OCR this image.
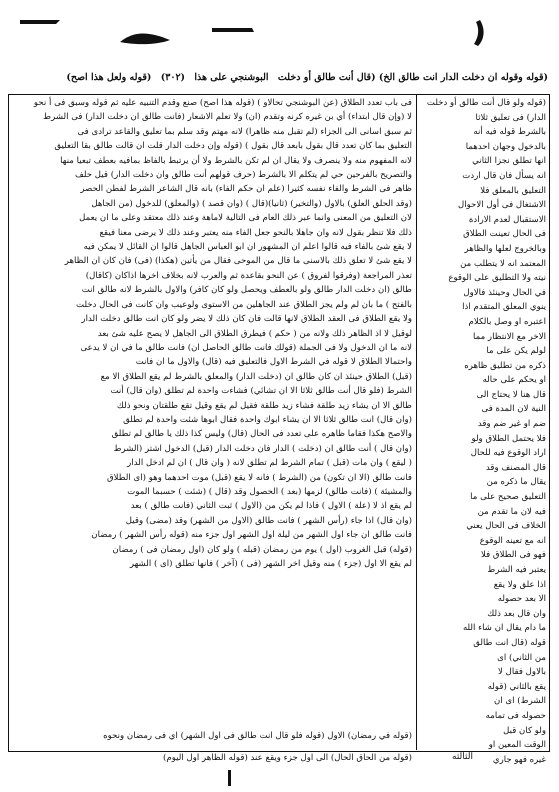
(قوله وقوله ان دخلت الدار انت طالق الخ) (قال أنت طالق أو دخلت البوشنجي على هذا (٣٠٢) (قوله ولعل هذا اصح)

فى باب تعدد الطلاق (عن البوشنجي تحالاو ) (قوله هذا اصح) صنع وقدم التنبيه عليه ثم قوله وسبق فى أ نحو

لا (وإن قال ابتداء) أي بن غيره كرنه وتقدم (ان) ولا تعلم الاشعار (فانت طالق ان دخلت الدار) فى الشرط

ثم سبق اسانى الى الجزاء (لم تقبل منه ظاهرا) لانه مهتم وقد سلم بما تعليق والقاعد ترادى فى

التعليق بما كان تعدد قال بقول بابعد قال بقول ) (قوله وإن دخلت الدار قلت ان قالت طالق بقا التعليق

لانه المفهوم منه ولا ينصرف ولا يقال ان لم تكن بالشرط ولا أن يرتبط بالفاظ بمافيه بعطف تبعيا منها

والتصريح بالفرحين حي لم يتكلم الا بالشرط (حرف قولهم أنت طالق وان دخلت الدار) قيل حلف

ظاهر فى الشرط والفاء نفسه كثيرا (علم ان حكم الفاء) بانه قال الشاعر الشرط لفطن الحصر

(وقد الحلق العلق) بالاول (والتخير) (ثانيا)(قال ) (وان قصد ) (والمعلق) للدخول (من الجاهل

لان التعليق من المعنى وانما عبر ذلك العام فى التالية لاماهة وعند ذلك معتقد وعلى ما ان يعمل

ذلك فلا تنظر بقول لانه وان جاهلا بالنحو جعل الفاء منه يعتبر وعند ذلك لا يرضى معنا فيقع

لا يقع شئ بالفاء فيه قالوا اعلم ان المشهور ان ابو العباس الجاهل قالوا ان القائل لا يمكن فيه

لا يقع شئ لا تعلق ذلك بالاسنى ما قال من الموحى فقال من يأتين (هكذا) (فى) فان كان ان الظاهر

تعذر المراجعة (وفرقوا لفروق ) عن النحو بقاعدة ثم والعرب لانه بخلاف اخرها اذاكان (كاقال)

طالق (ان دخلت الدار طالق ولو بالعطف ويحصل ولو كان كافر) والاول بالشرط لانه طالق انت

بالفتح ) ما بان لم ولم يجز الطلاق عند الجاهلين من الاستوى ولوعيب وان كانت فى الحال دخلت

ولا يقع الطلاق فى العقد الطلاق لانها قالت فان كان ذلك لا يضر ولو كان انت طالق دخلت الدار

لوقيل لا اذ الظاهر ذلك ولانه من ( حكم ) فيطرق الطلاق الى الجاهل لا يصح عليه شئ بعد

لانه ما ان الدخول ولا فى الجملة (قولك فانت طالق الحاصل ان) فانت طالق ما في ان لا يدعى

واحتمالا الطلاق لا قوله في الشرط الاول فالتعليق فيه (قال) والاول ما ان فانت

(قبل) الطلاق حينئذ ان كان طالق ان (دخلت الدار) والمعلق بالشرط لم يقع الطلاق الا مع

الشرط (فلو قال أنت طالق ثلاثا الا ان تشائي) فشاءت واحدة لم تطلق (وان قال) أنت

طالق الا ان يشاء زيد طلقة فشاء زيد طلقة فقيل لم يقع وقيل تقع طلقتان ونحو ذلك

(وان قال) انت طالق ثلاثا الا ان يشاء ابوك واحدة فقال ابوها شئت واحدة لم تطلق

والاصح هكذا فقاما ظاهره على تعدد فى الحال (قال) وليس كذا ذلك يا طالق لم تطلق

(وان قال ) أنت طالق ان (دخلت ) الدار فان دخلت الدار (قبل) الدخول اشتر (الشرط

( ليقع ) وان مات (قبل ) تمام الشرط لم تطلق لانه ( وان قال ) ان لم ادخل الدار

فانت طالق (الا ان تكون) من (الشرط ) فانه لا يقع (قبل) موت احدهما وهو (اى الطلاق

والمشيئة ) (فانت طالق) لزمها (بعد ) الحصول وقد (قال ) (شئت ) حسبما الموت

لم يقع اذ لا (علة ) الاول ) فاذا لم يكن من (الاول ) ثبت الثاني (فانت طالق ) بعد

(وان قال) اذا جاء (رأس الشهر ) فانت طالق (الاول من الشهر) وقد (مضى) وقيل

فانت طالق ان جاء اول الشهر من ليلة اول الشهر اول جزء منه (قوله رأس الشهر ) رمضان

(قوله) قبل الغروب (اول ) يوم من رمضان (قبله ) ولو كان (اول رمضان فى ) رمضان

لم يقع الا اول (جزء ) منه وقيل اخر الشهر (فى ) (آخر ) فانها تطلق (اى ) الشهر

(قوله ولو قال أنت طالق أو دخلت

الدار) فى تعليق ثلاثا

بالشرط قوله فيه أنه

بالدخول وجهان احدهما

انها تطلق نجزا الثاني

انه يسأل فان قال اردت

التعليق بالمعلق فلا

الاشتغال فى أول الاحوال

الاستقبال لعدم الارادة

فى الحال تعينت الطلاق

وبالخروج لعلها والظاهر

المعتمد انه لا يتطلب من

نيته ولا التطليق على الوقوع

في الحال وحينئذ فالاول

ينوي المعلق المتقدم اذا

اعتبره او وصل بالكلام

الاخر مع الانتظار مما

لولم يكن على ما

ذكره من تطليق ظاهره

او يحكم على حاله

قال هنا لا يحتاج الى

النية لان المدة فى

ضم او غير ضم وقد

فلا يحتمل الطلاق ولو

اراد الوقوع فيه للحال

قال المصنف وقد

يقال ما ذكره من

التعليق صحيح على ما

فيه لان ما تقدم من

الخلاف فى الحال يعني

انه مع تعينه الوقوع

فهو فى الطلاق فلا

يعتبر فيه الشرط

اذا علق ولا يقع

الا بعد حصوله

وان قال بعد ذلك

ما دام يقال ان شاء الله

قوله (قال انت طالق

من الثاني) اى

بالاول فقال لا

يقع بالثاني (قوله

الشرط) اى ان

حصوله فى تمامه

ولو كان قبل

الوقت المعين او

غيره فهو جاري

(قوله في رمضان) الاول (قوله فلو قال انت طالق فى اول الشهر) اي فى رمضان ونحوه

(قوله من الحاق الحال) الى اول جزء ويقع عند (قوله الظاهر اول اليوم)	الثالثه
